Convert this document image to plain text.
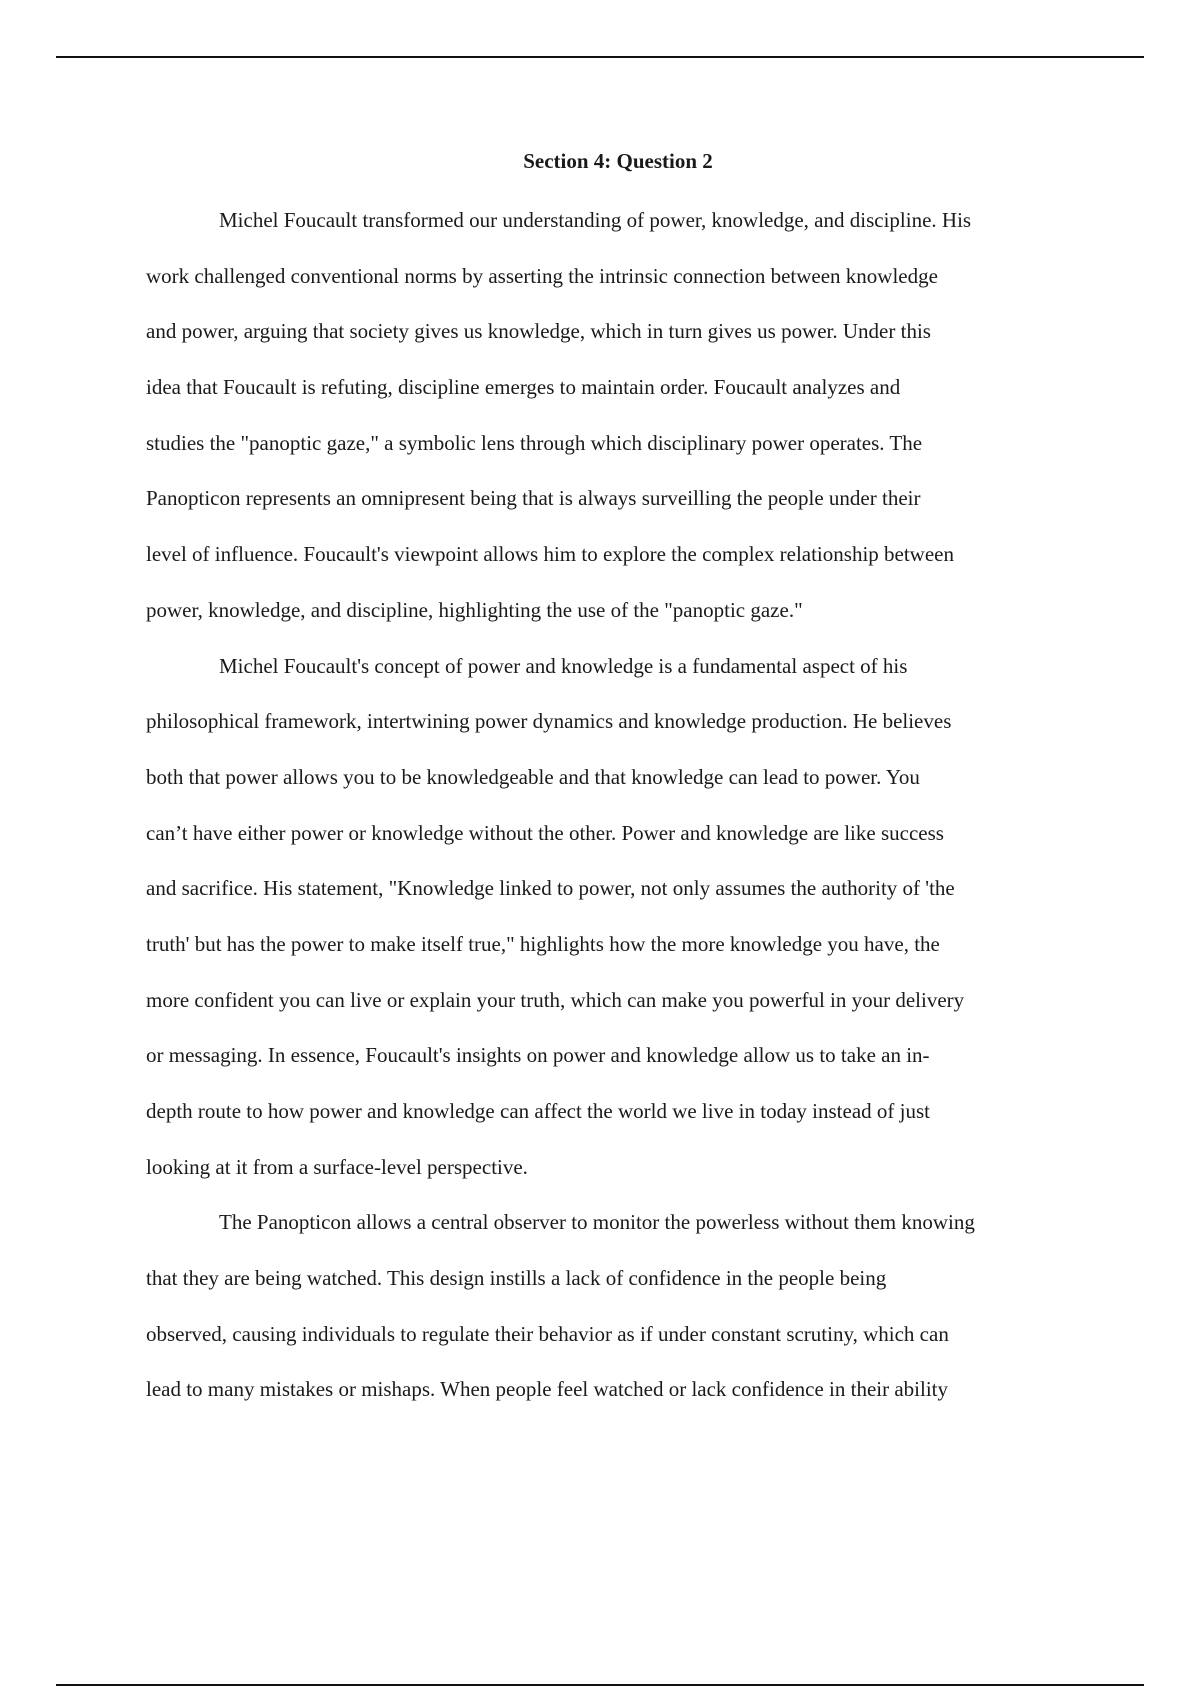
Section 4: Question 2
Michel Foucault transformed our understanding of power, knowledge, and discipline. His
work challenged conventional norms by asserting the intrinsic connection between knowledge
and power, arguing that society gives us knowledge, which in turn gives us power. Under this
idea that Foucault is refuting, discipline emerges to maintain order. Foucault analyzes and
studies the "panoptic gaze," a symbolic lens through which disciplinary power operates. The
Panopticon represents an omnipresent being that is always surveilling the people under their
level of influence. Foucault's viewpoint allows him to explore the complex relationship between
power, knowledge, and discipline, highlighting the use of the "panoptic gaze."
Michel Foucault's concept of power and knowledge is a fundamental aspect of his
philosophical framework, intertwining power dynamics and knowledge production. He believes
both that power allows you to be knowledgeable and that knowledge can lead to power. You
can’t have either power or knowledge without the other. Power and knowledge are like success
and sacrifice. His statement, "Knowledge linked to power, not only assumes the authority of 'the
truth' but has the power to make itself true," highlights how the more knowledge you have, the
more confident you can live or explain your truth, which can make you powerful in your delivery
or messaging. In essence, Foucault's insights on power and knowledge allow us to take an in-
depth route to how power and knowledge can affect the world we live in today instead of just
looking at it from a surface-level perspective.
The Panopticon allows a central observer to monitor the powerless without them knowing
that they are being watched. This design instills a lack of confidence in the people being
observed, causing individuals to regulate their behavior as if under constant scrutiny, which can
lead to many mistakes or mishaps. When people feel watched or lack confidence in their ability
